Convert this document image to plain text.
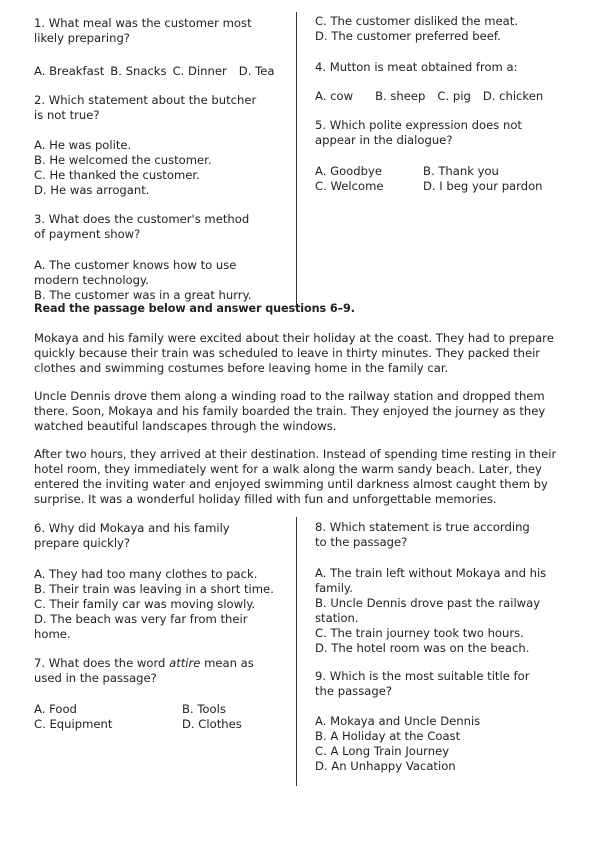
1. What meal was the customer most likely preparing?
A. Breakfast B. Snacks C. Dinner D. Tea
2. Which statement about the butcher is not true?
A. He was polite.
B. He welcomed the customer.
C. He thanked the customer.
D. He was arrogant.
3. What does the customer's method of payment show?
A. The customer knows how to use modern technology.
B. The customer was in a great hurry.
C. The customer disliked the meat.
D. The customer preferred beef.
4. Mutton is meat obtained from a:
A. cow B. sheep C. pig D. chicken
5. Which polite expression does not appear in the dialogue?
A. Goodbye	B. Thank you
C. Welcome	D. I beg your pardon
Read the passage below and answer questions 6–9.

Mokaya and his family were excited about their holiday at the coast. They had to prepare quickly because their train was scheduled to leave in thirty minutes. They packed their clothes and swimming costumes before leaving home in the family car.

Uncle Dennis drove them along a winding road to the railway station and dropped them there. Soon, Mokaya and his family boarded the train. They enjoyed the journey as they watched beautiful landscapes through the windows.

After two hours, they arrived at their destination. Instead of spending time resting in their hotel room, they immediately went for a walk along the warm sandy beach. Later, they entered the inviting water and enjoyed swimming until darkness almost caught them by surprise. It was a wonderful holiday filled with fun and unforgettable memories.

6. Why did Mokaya and his family prepare quickly?
A. They had too many clothes to pack.
B. Their train was leaving in a short time.
C. Their family car was moving slowly.
D. The beach was very far from their home.
7. What does the word attire mean as used in the passage?
A. Food	B. Tools
C. Equipment	D. Clothes
8. Which statement is true according to the passage?
A. The train left without Mokaya and his family.
B. Uncle Dennis drove past the railway station.
C. The train journey took two hours.
D. The hotel room was on the beach.
9. Which is the most suitable title for the passage?
A. Mokaya and Uncle Dennis
B. A Holiday at the Coast
C. A Long Train Journey
D. An Unhappy Vacation
